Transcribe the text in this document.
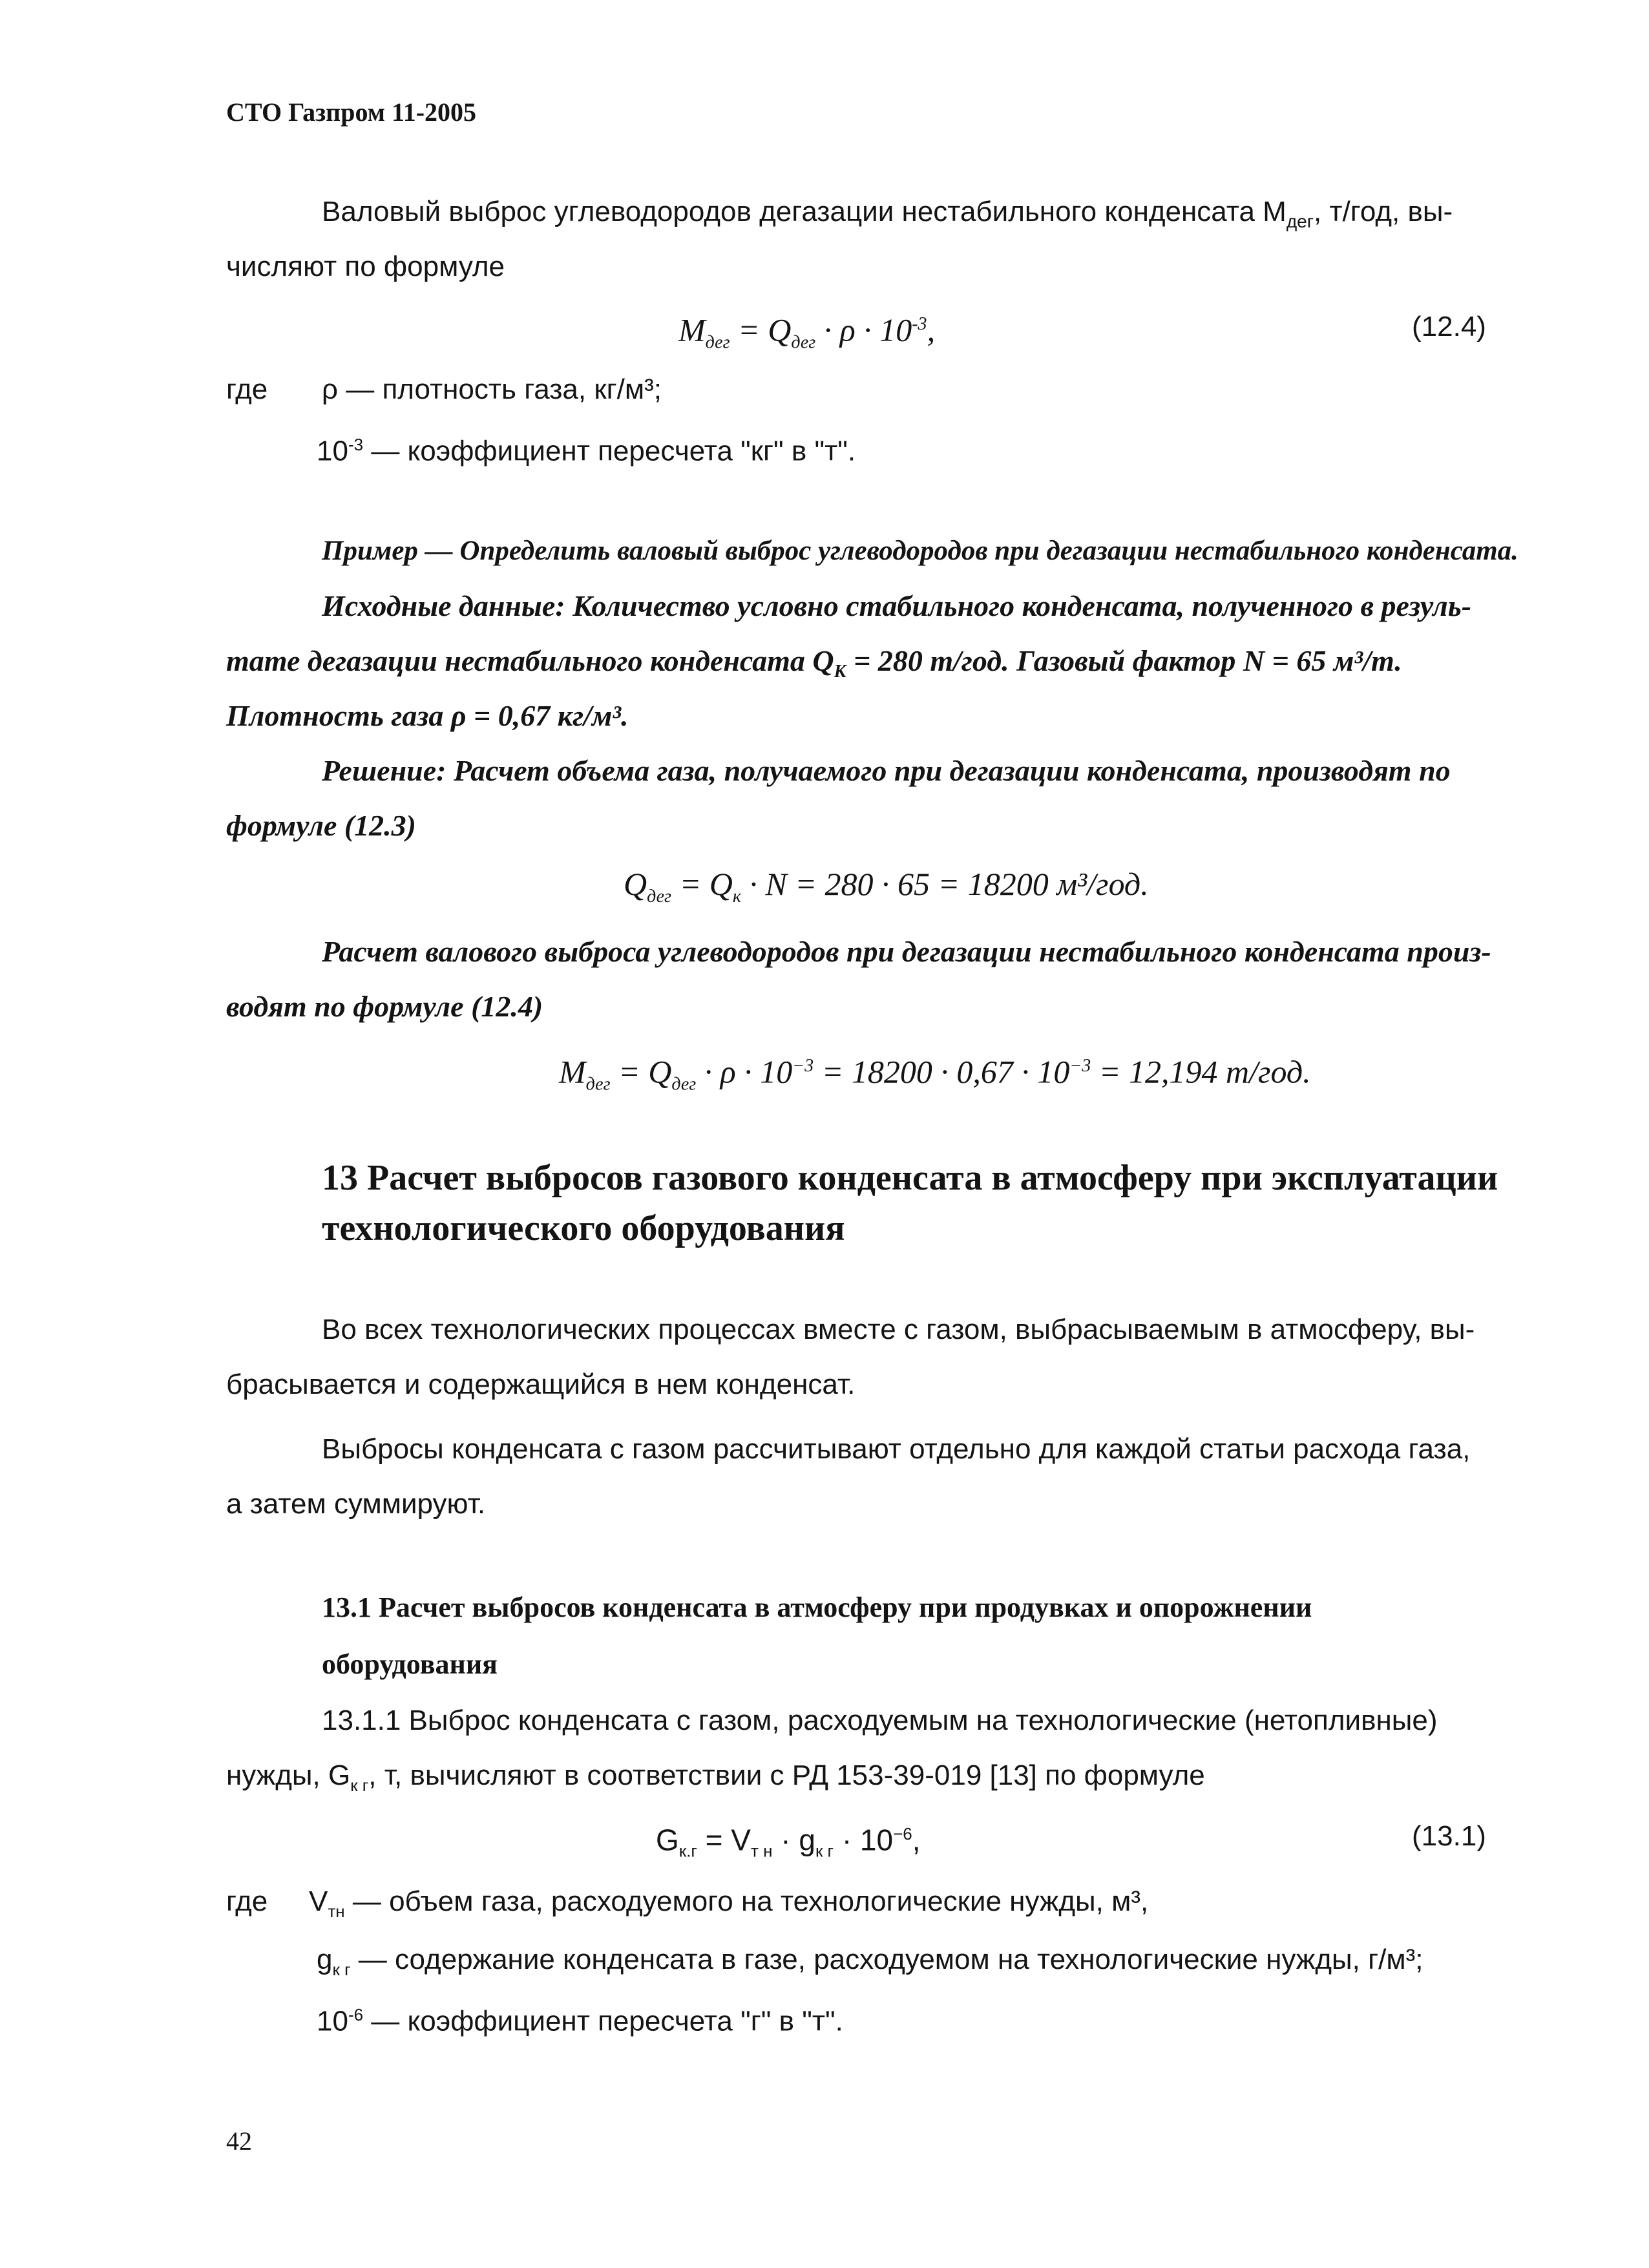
СТО Газпром 11-2005
Валовый выброс углеводородов дегазации нестабильного конденсата $М_{дег}$, т/год, вы-
числяют по формуле
$M_{дег} = Q_{дег} \cdot \rho \cdot 10^{-3}$,	(12.4)
где ρ — плотность газа, кг/м³;
$10^{-3}$ — коэффициент пересчета "кг" в "т".
Пример — Определить валовый выброс углеводородов при дегазации нестабильного конденсата.
Исходные данные: Количество условно стабильного конденсата, полученного в резуль-
тате дегазации нестабильного конденсата $Q_К = 280$ т/год. Газовый фактор N = 65 м³/т.
Плотность газа ρ = 0,67 кг/м³.
Решение: Расчет объема газа, получаемого при дегазации конденсата, производят по
формуле (12.3)
$Q_{дег} = Q_к \cdot N = 280 \cdot 65 = 18200$ м³/год.
Расчет валового выброса углеводородов при дегазации нестабильного конденсата произ-
водят по формуле (12.4)
$M_{дег} = Q_{дег} \cdot \rho \cdot 10^{-3} = 18200 \cdot 0,67 \cdot 10^{-3} = 12,194$ т/год.
13 Расчет выбросов газового конденсата в атмосферу при эксплуатации
технологического оборудования
Во всех технологических процессах вместе с газом, выбрасываемым в атмосферу, вы-
брасывается и содержащийся в нем конденсат.
Выбросы конденсата с газом рассчитывают отдельно для каждой статьи расхода газа,
а затем суммируют.
13.1 Расчет выбросов конденсата в атмосферу при продувках и опорожнении
оборудования
13.1.1 Выброс конденсата с газом, расходуемым на технологические (нетопливные)
нужды, $G_{к г}$, т, вычисляют в соответствии с РД 153-39-019 [13] по формуле
$G_{к.г} = V_{т н} \cdot g_{к г} \cdot 10^{-6}$,	(13.1)
где $V_{тн}$ — объем газа, расходуемого на технологические нужды, м³,
$g_{к г}$ — содержание конденсата в газе, расходуемом на технологические нужды, г/м³;
$10^{-6}$ — коэффициент пересчета "г" в "т".
42
